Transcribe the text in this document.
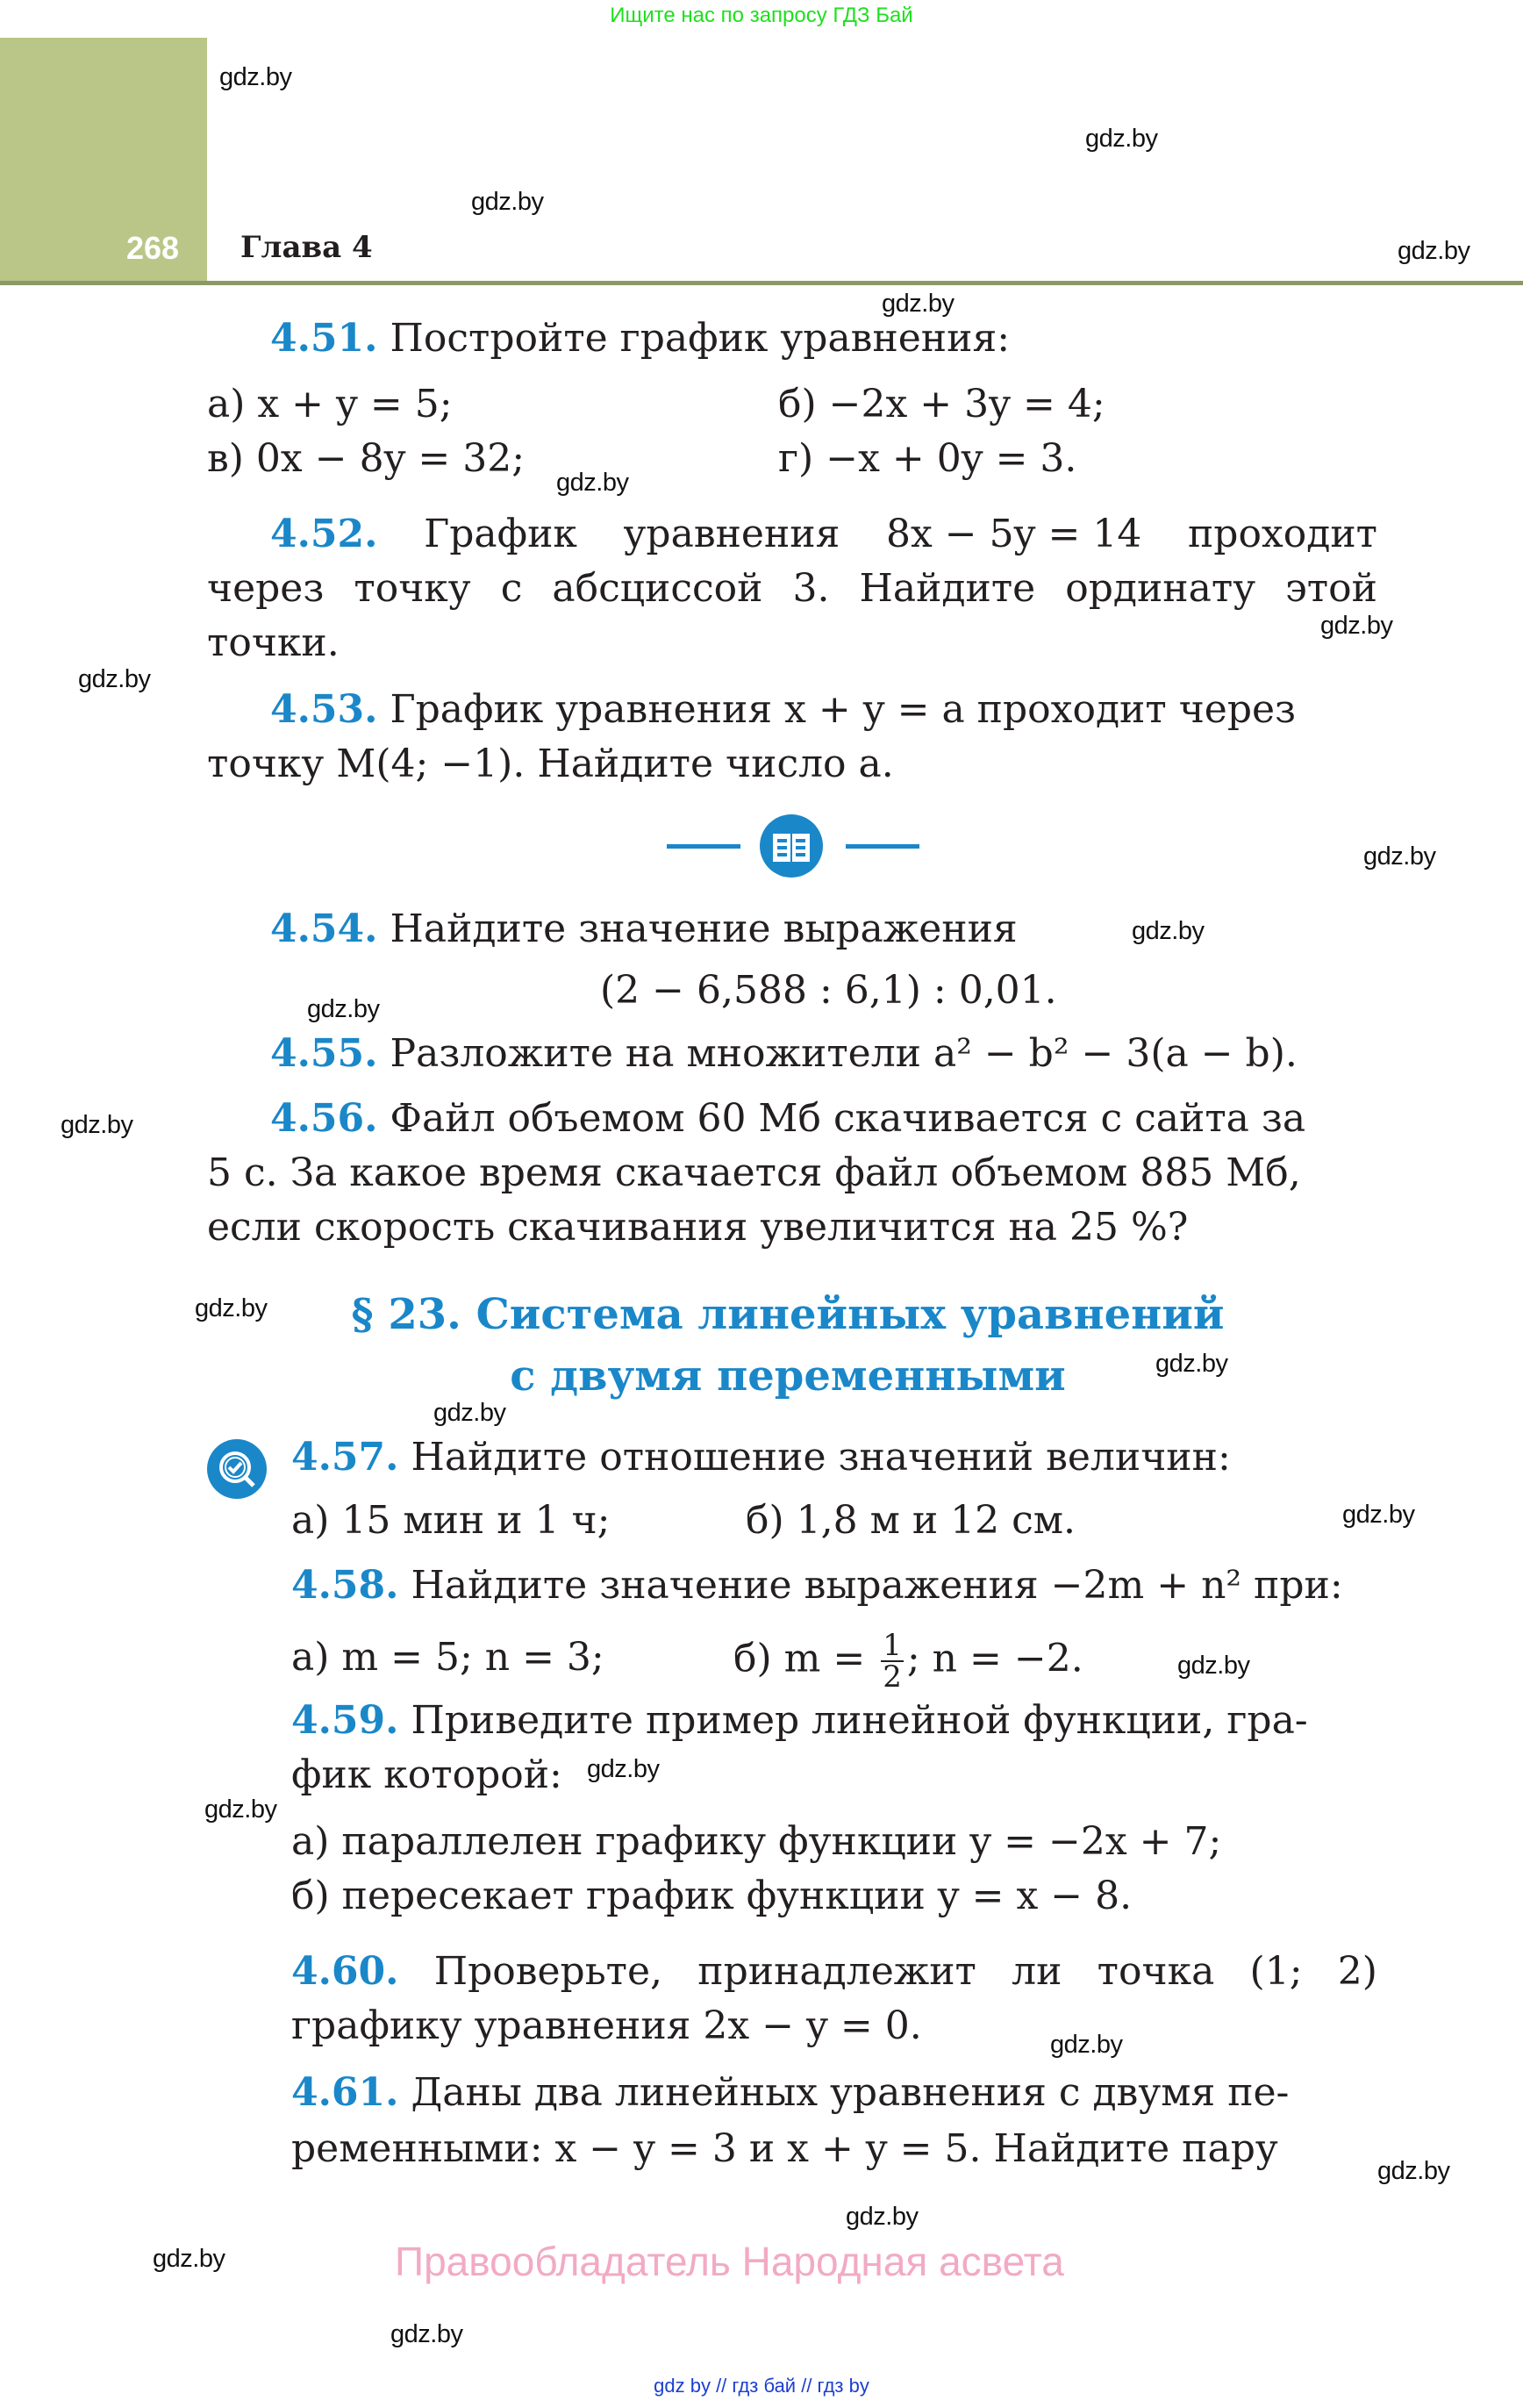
Ищите нас по запросу ГДЗ Бай
268 Глава 4
gdz.by
gdz.by
gdz.by
gdz.by
gdz.by
gdz.by
gdz.by
gdz.by
gdz.by
gdz.by
gdz.by
gdz.by
gdz.by
gdz.by
gdz.by
gdz.by
gdz.by
gdz.by
gdz.by
gdz.by
gdz.by
gdz.by
gdz.by
gdz.by
4.51. Постройте график уравнения:
а) x + y = 5;	б) −2x + 3y = 4;
в) 0x − 8y = 32;	г) −x + 0y = 3.
4.52. График уравнения 8x − 5y = 14 проходит
через точку с абсциссой 3. Найдите ординату этой
точки.
4.53. График уравнения x + y = a проходит через
точку M(4; −1). Найдите число a.
4.54. Найдите значение выражения
(2 − 6,588 : 6,1) : 0,01.
4.55. Разложите на множители a² − b² − 3(a − b).
4.56. Файл объемом 60 Мб скачивается с сайта за
5 с. За какое время скачается файл объемом 885 Мб,
если скорость скачивания увеличится на 25 %?
§ 23. Система линейных уравнений
с двумя переменными
4.57. Найдите отношение значений величин:
а) 15 мин и 1 ч;	б) 1,8 м и 12 см.
4.58. Найдите значение выражения −2m + n² при:
а) m = 5; n = 3;	б) $m = \frac{1}{2}$ ; n = −2.
4.59. Приведите пример линейной функции, гра-
фик которой:
а) параллелен графику функции y = −2x + 7;
б) пересекает график функции y = x − 8.
4.60. Проверьте, принадлежит ли точка (1; 2)
графику уравнения 2x − y = 0.
4.61. Даны два линейных уравнения с двумя пе-
ременными: x − y = 3 и x + y = 5. Найдите пару
Правообладатель Народная асвета
gdz by // гдз бай // гдз by
